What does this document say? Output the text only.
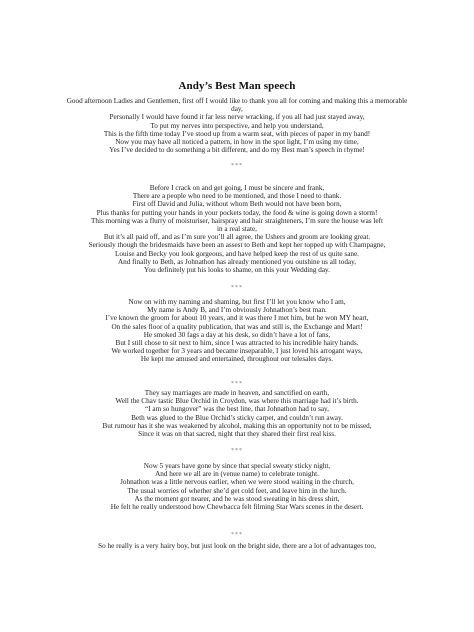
Andy’s Best Man speech
Good afternoon Ladies and Gentlemen, first off I would like to thank you all for coming and making this a memorable
day,
Personally I would have found it far less nerve wracking, if you all had just stayed away,
To put my nerves into perspective, and help you understand,
This is the fifth time today I’ve stood up from a warm seat, with pieces of paper in my hand!
Now you may have all noticed a pattern, in how in the spot light, I’m using my time,
Yes I’ve decided to do something a bit different, and do my Best man’s speech in rhyme!
***
Before I crack on and get going, I must be sincere and frank,
There are a people who need to be mentioned, and those I need to thank.
First off David and Julia, without whom Beth would not have been born,
Plus thanks for putting your hands in your pockets today, the food & wine is going down a storm!
This morning was a flurry of moisturiser, hairspray and hair straighteners, I’m sure the house was left
in a real state,
But it’s all paid off, and as I’m sure you’ll all agree, the Ushers and groom are looking great.
Seriously though the bridesmaids have been an assest to Beth and kept her topped up with Champagne,
Louise and Becky you look gorgeous, and have helped keep the rest of us quite sane.
And finally to Beth, as Johnathon has already mentioned you outshine us all today,
You definitely put his looks to shame, on this your Wedding day.
***
Now on with my naming and shaming, but first I’ll let you know who I am,
My name is Andy B, and I’m obviously Johnathon’s best man.
I’ve known the groom for about 10 years, and it was there I met him, but he won MY heart,
On the sales floor of a quality publication, that was and still is, the Exchange and Mart!
He smoked 30 fags a day at his desk, so didn’t have a lot of fans,
But I still chose to sit next to him, since I was attracted to his incredible hairy hands.
We worked together for 3 years and became inseparable, I just loved his arrogant ways,
He kept me amused and entertained, throughout our telesales days.
***
They say marriages are made in heaven, and sanctified on earth,
Well the Chav tastic Blue Orchid in Croydon, was where this marriage had it’s birth.
“I am so hungover” was the best line, that Johnathon had to say,
Beth was glued to the Blue Orchid’s sticky carpet, and couldn’t run away.
But rumour has it she was weakened by alcohol, making this an opportunity not to be missed,
Since it was on that sacred, night that they shared their first real kiss.
***
Now 5 years have gone by since that special sweaty sticky night,
And here we all are in (venue name) to celebrate tonight.
Johnathon was a little nervous earlier, when we were stood waiting in the church,
The usual worries of whether she’d get cold feet, and leave him in the lurch.
As the moment got nearer, and he was stood sweating in his dress shirt,
He felt he really understood how Chewbacca felt filming Star Wars scenes in the desert.
***
So he really is a very hairy boy, but just look on the bright side, there are a lot of advantages too,
